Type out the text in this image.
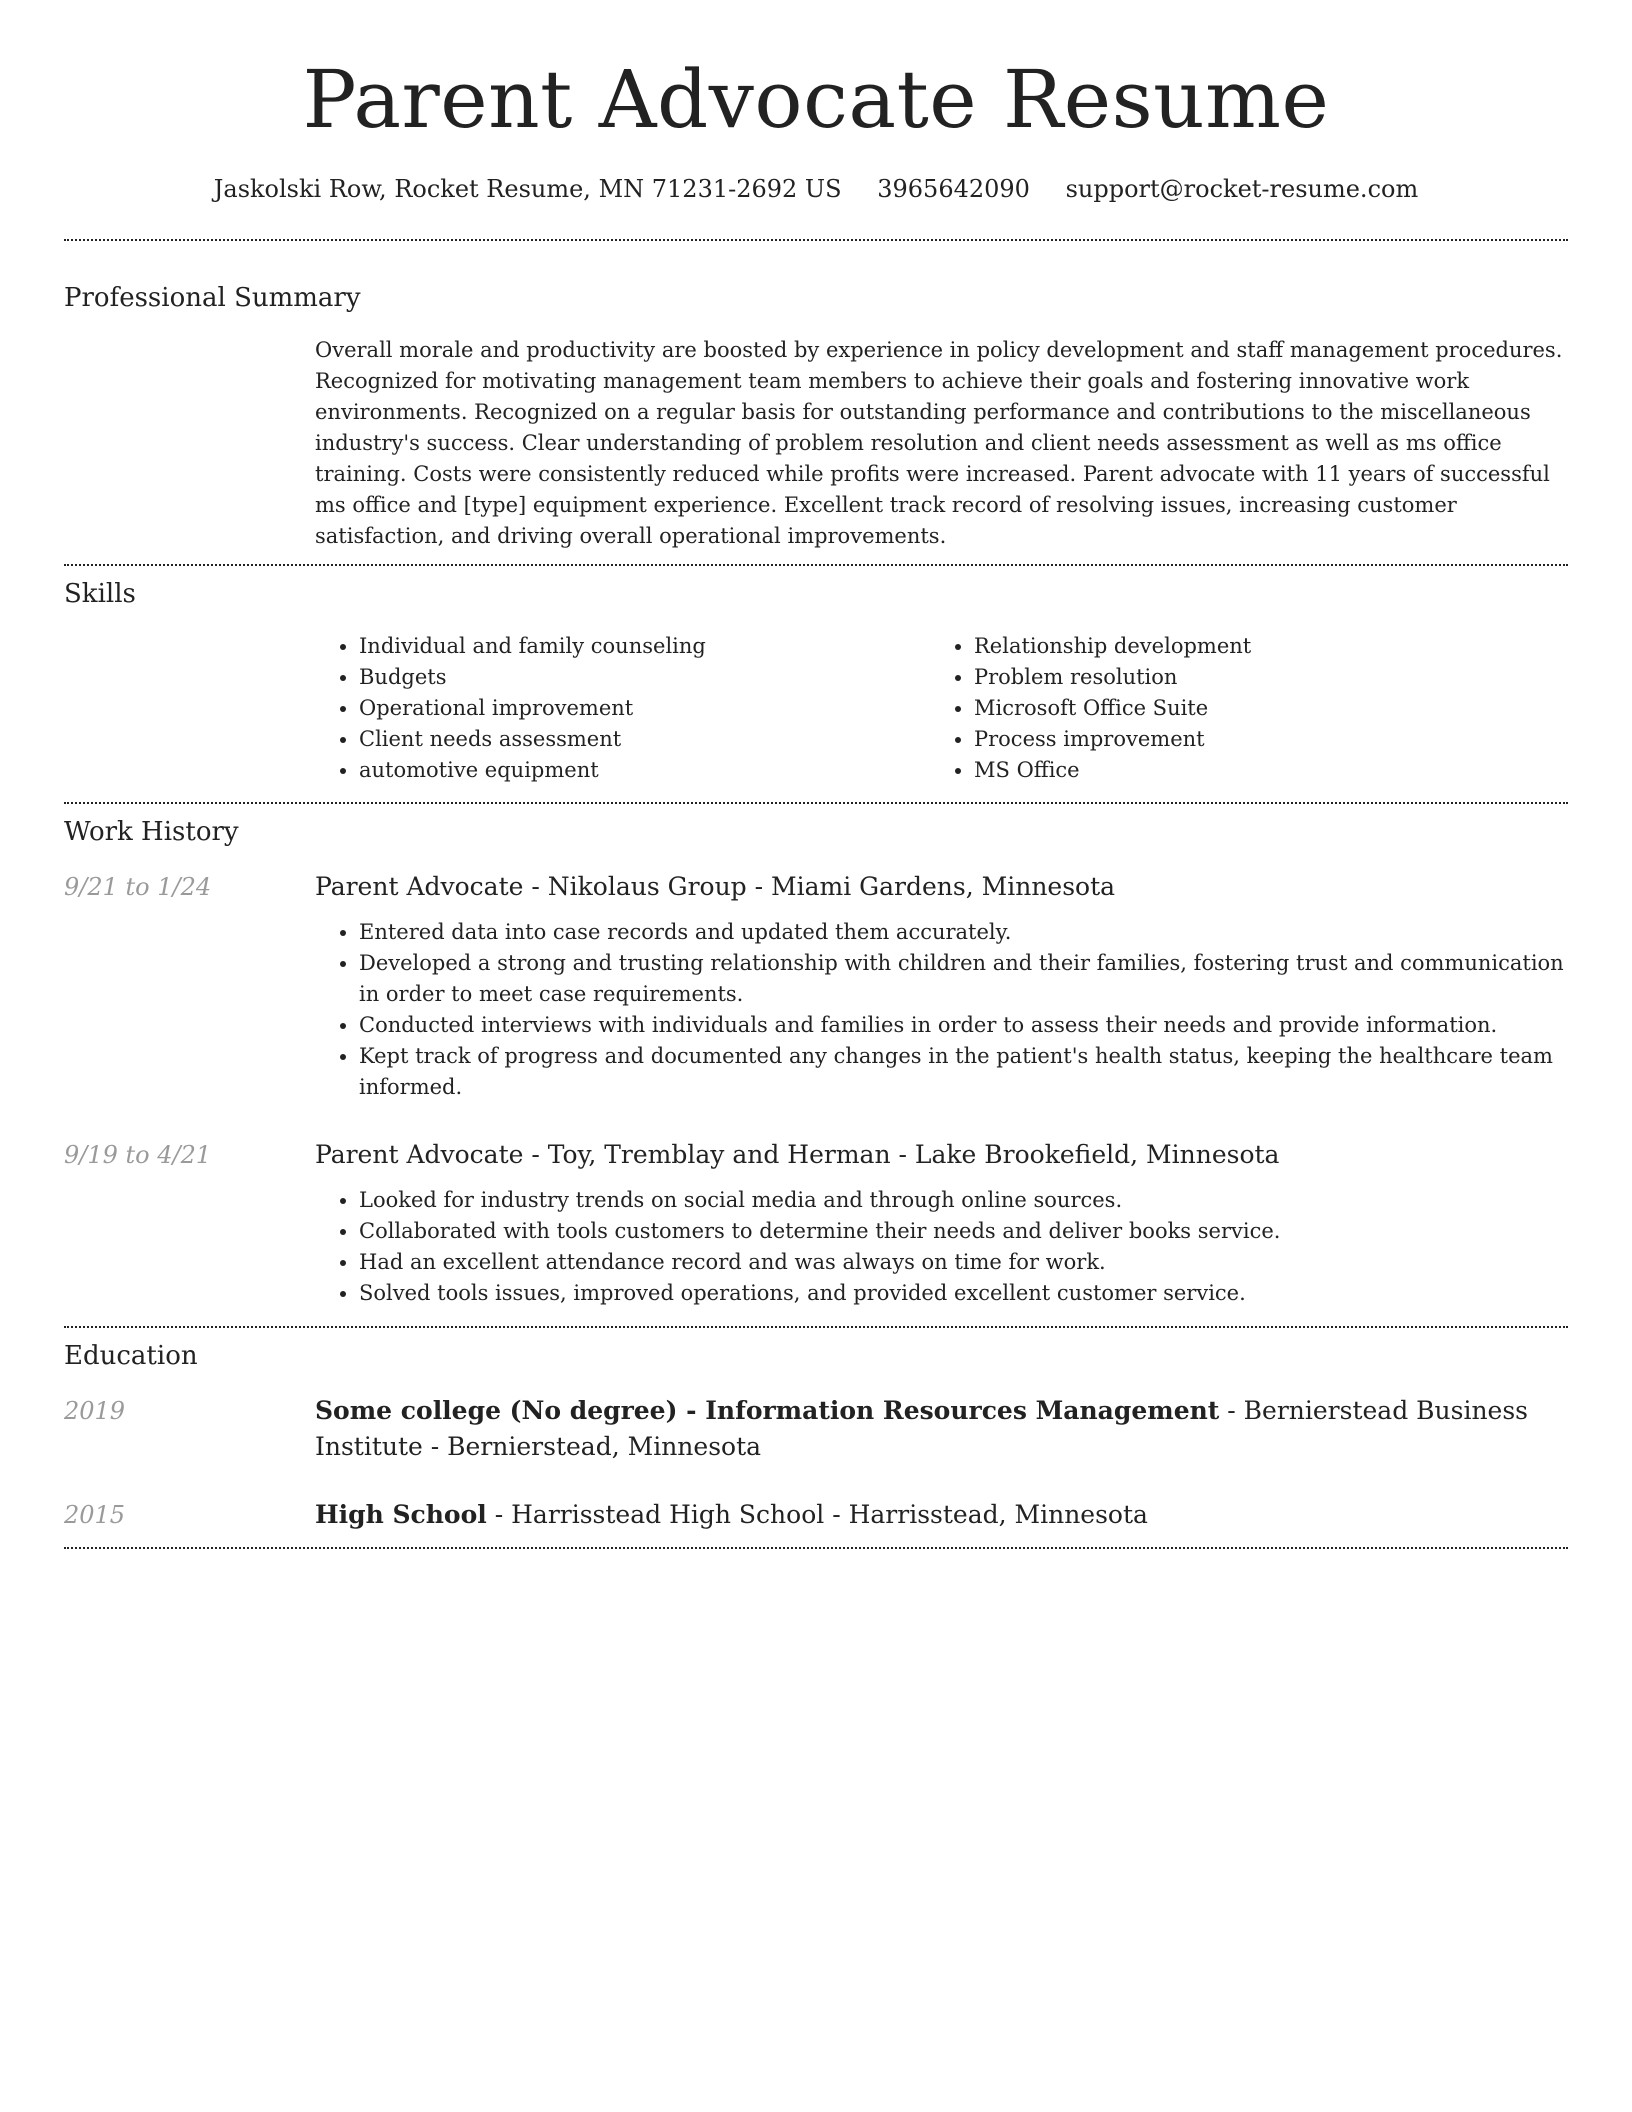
Parent Advocate Resume
Jaskolski Row, Rocket Resume, MN 71231-2692 US 3965642090 support@rocket-resume.com
Professional Summary

Overall morale and productivity are boosted by experience in policy development and staff management procedures. Recognized for motivating management team members to achieve their goals and fostering innovative work environments. Recognized on a regular basis for outstanding performance and contributions to the miscellaneous industry's success. Clear understanding of problem resolution and client needs assessment as well as ms office training. Costs were consistently reduced while profits were increased. Parent advocate with 11 years of successful ms office and [type] equipment experience. Excellent track record of resolving issues, increasing customer satisfaction, and driving overall operational improvements.

Skills
• Individual and family counseling
• Budgets
• Operational improvement
• Client needs assessment
• automotive equipment
• Relationship development
• Problem resolution
• Microsoft Office Suite
• Process improvement
• MS Office
Work History
9/21 to 1/24	Parent Advocate - Nikolaus Group - Miami Gardens, Minnesota
• Entered data into case records and updated them accurately.
• Developed a strong and trusting relationship with children and their families, fostering trust and communication in order to meet case requirements.
• Conducted interviews with individuals and families in order to assess their needs and provide information.
• Kept track of progress and documented any changes in the patient's health status, keeping the healthcare team informed.
9/19 to 4/21	Parent Advocate - Toy, Tremblay and Herman - Lake Brookefield, Minnesota
• Looked for industry trends on social media and through online sources.
• Collaborated with tools customers to determine their needs and deliver books service.
• Had an excellent attendance record and was always on time for work.
• Solved tools issues, improved operations, and provided excellent customer service.
Education
2019	Some college (No degree) - Information Resources Management - Bernierstead Business Institute - Bernierstead, Minnesota
2015	High School - Harrisstead High School - Harrisstead, Minnesota
